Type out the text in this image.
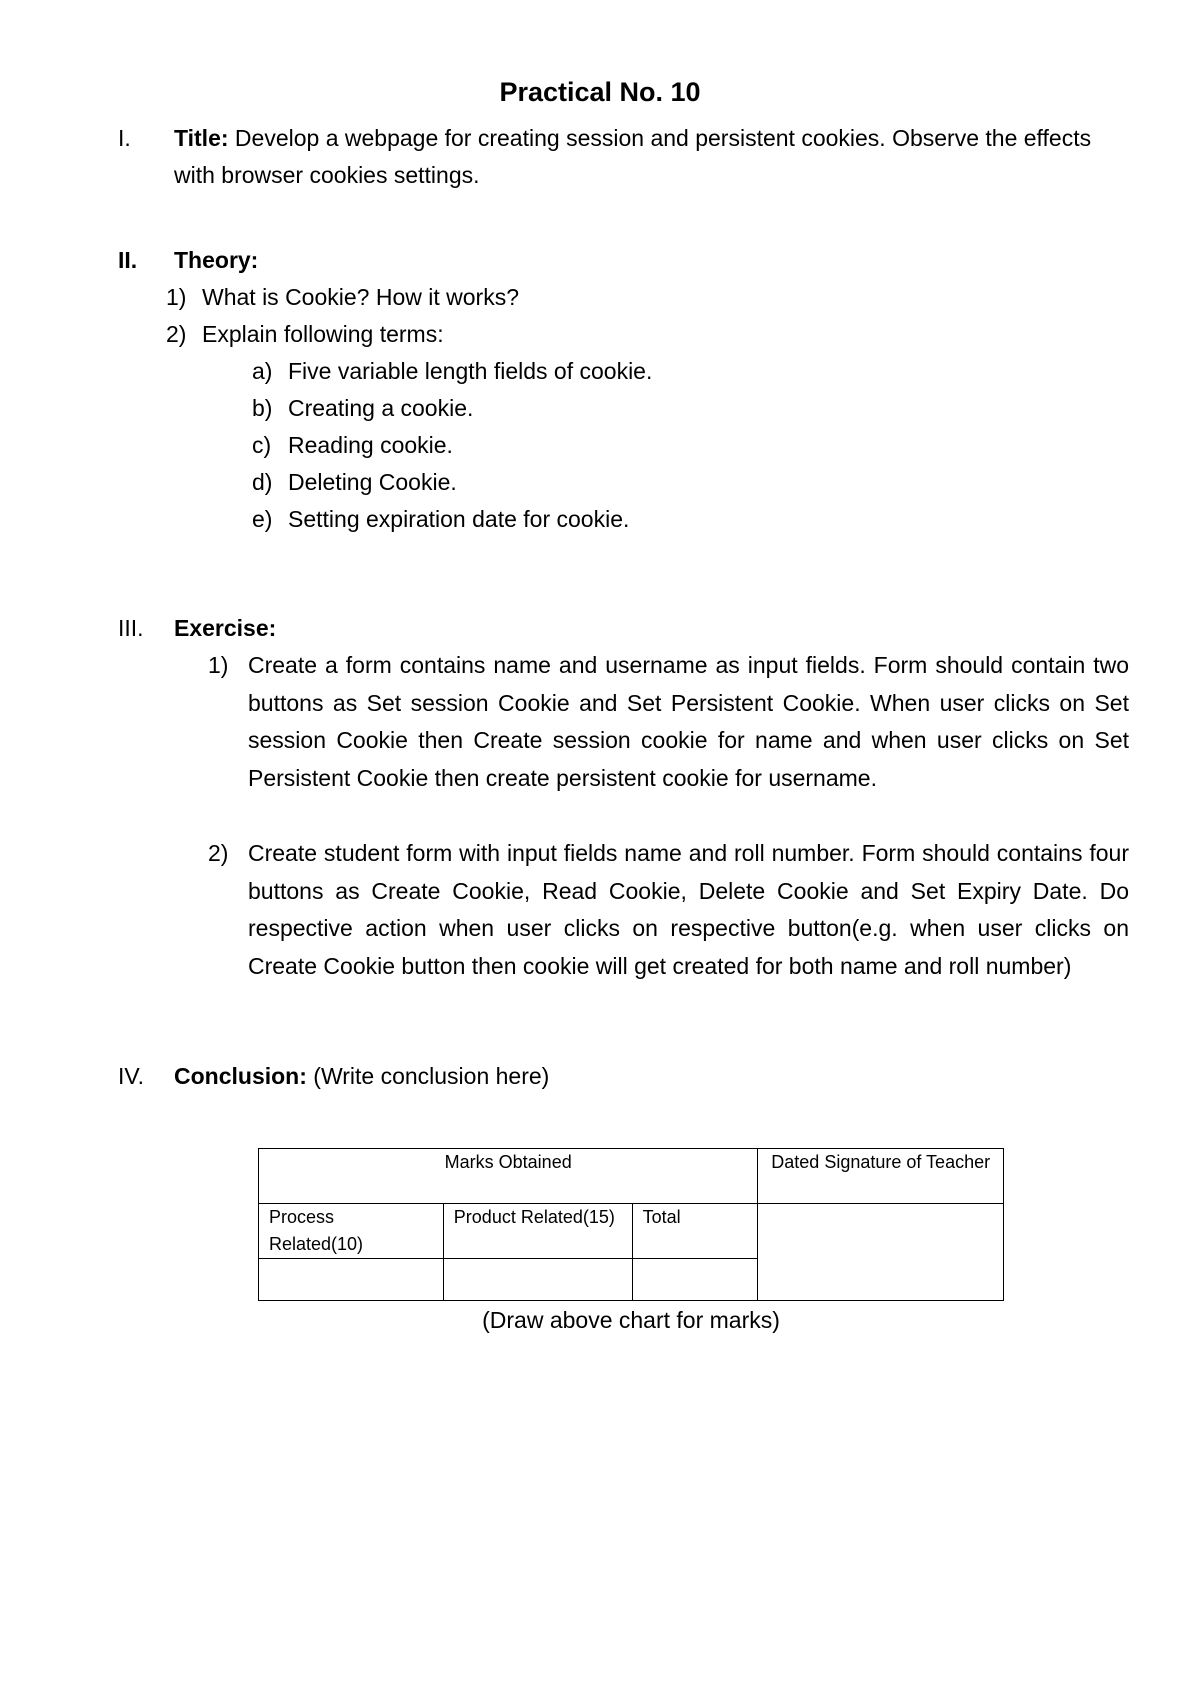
Practical No. 10
I.	Title: Develop a webpage for creating session and persistent cookies. Observe the effects with browser cookies settings.
II.	Theory:
1) What is Cookie? How it works?
2) Explain following terms:
a) Five variable length fields of cookie.
b) Creating a cookie.
c) Reading cookie.
d) Deleting Cookie.
e) Setting expiration date for cookie.
III.	Exercise:
1) Create a form contains name and username as input fields. Form should contain two buttons as Set session Cookie and Set Persistent Cookie. When user clicks on Set session Cookie then Create session cookie for name and when user clicks on Set Persistent Cookie then create persistent cookie for username.
2) Create student form with input fields name and roll number. Form should contains four buttons as Create Cookie, Read Cookie, Delete Cookie and Set Expiry Date. Do respective action when user clicks on respective button(e.g. when user clicks on Create Cookie button then cookie will get created for both name and roll number)
IV.	Conclusion: (Write conclusion here)
Marks Obtained			Dated Signature of Teacher
Process Related(10)	Product Related(15)	Total	

(Draw above chart for marks)
